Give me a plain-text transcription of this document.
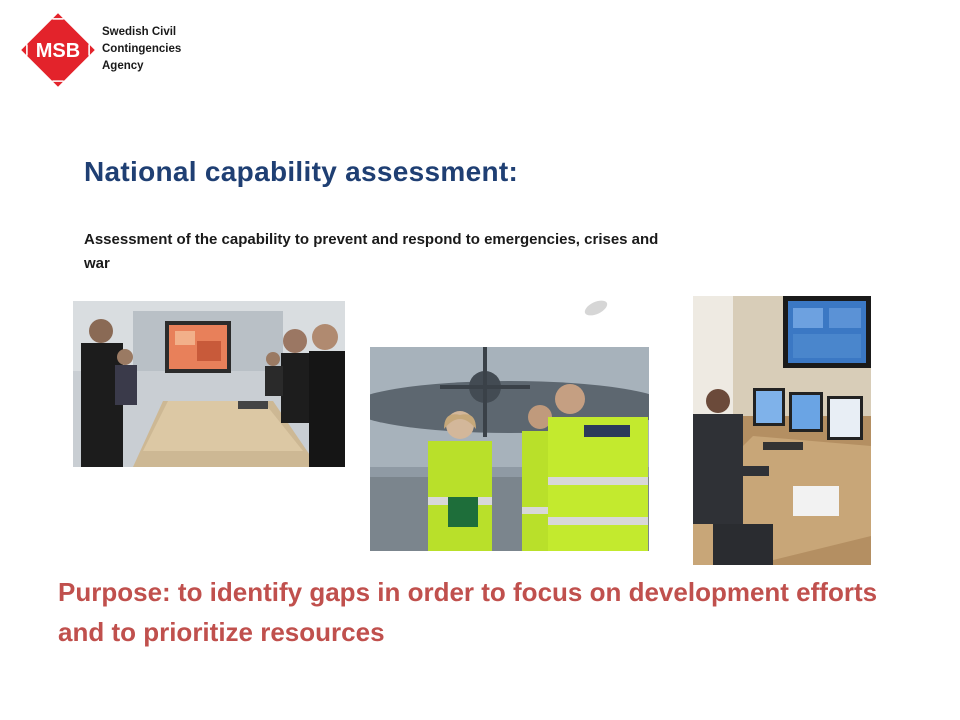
MSB
Swedish Civil
Contingencies
Agency
National capability assessment:
Assessment of the capability to prevent and respond to emergencies, crises and war
Purpose: to identify gaps in order to focus on development efforts and to prioritize resources
